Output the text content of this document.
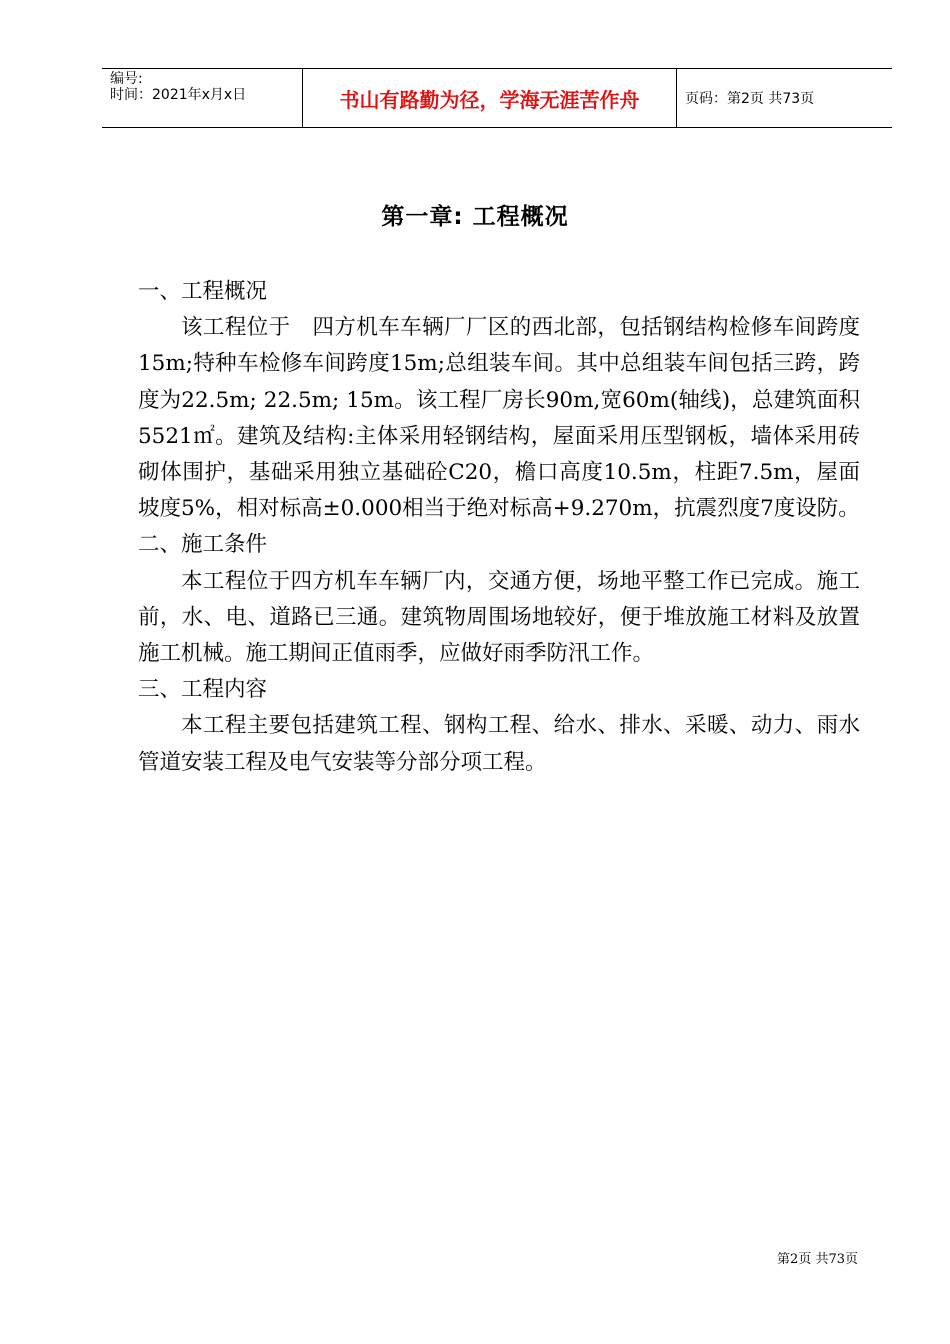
编号:
时间：2021年x月x日	书山有路勤为径，学海无涯苦作舟	页码：第2页 共73页
第一章: 工程概况

一、工程概况

该工程位于　四方机车车辆厂厂区的西北部，包括钢结构检修车间跨度15m;特种车检修车间跨度15m;总组装车间。其中总组装车间包括三跨，跨度为22.5m; 22.5m; 15m。该工程厂房长90m,宽60m(轴线)，总建筑面积5521㎡。建筑及结构:主体采用轻钢结构，屋面采用压型钢板，墙体采用砖砌体围护，基础采用独立基础砼C20，檐口高度10.5m，柱距7.5m，屋面坡度5%，相对标高±0.000相当于绝对标高+9.270m，抗震烈度7度设防。

二、施工条件

本工程位于四方机车车辆厂内，交通方便，场地平整工作已完成。施工前，水、电、道路已三通。建筑物周围场地较好，便于堆放施工材料及放置施工机械。施工期间正值雨季，应做好雨季防汛工作。

三、工程内容

本工程主要包括建筑工程、钢构工程、给水、排水、采暖、动力、雨水管道安装工程及电气安装等分部分项工程。

第2页 共73页
